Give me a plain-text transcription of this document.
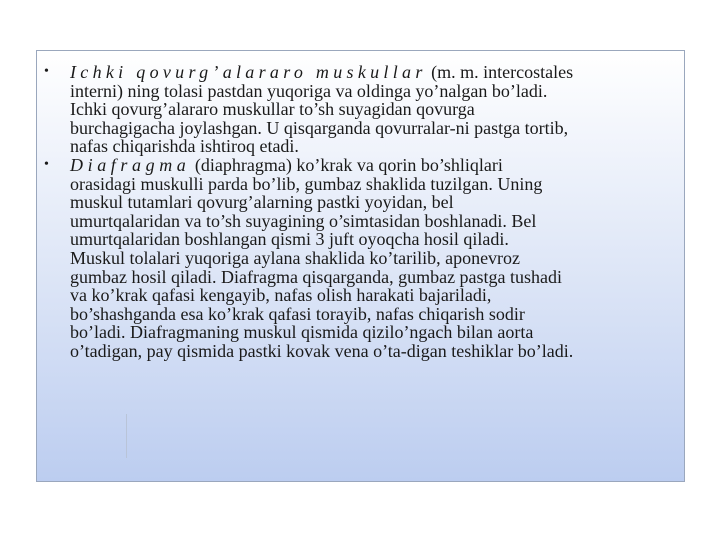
• Ichki qovurg’alararo muskullar (m. m. intercostales
interni) ning tolasi pastdan yuqoriga va oldinga yo’nalgan bo’ladi.
Ichki qovurg’alararo muskullar to’sh suyagidan qovurga
burchagigacha joylashgan. U qisqarganda qovurralar-ni pastga tortib,
nafas chiqarishda ishtiroq etadi.
• Diafragma (diaphragma) ko’krak va qorin bo’shliqlari
orasidagi muskulli parda bo’lib, gumbaz shaklida tuzilgan. Uning
muskul tutamlari qovurg’alarning pastki yoyidan, bel
umurtqalaridan va to’sh suyagining o’simtasidan boshlanadi. Bel
umurtqalaridan boshlangan qismi 3 juft oyoqcha hosil qiladi.
Muskul tolalari yuqoriga aylana shaklida ko’tarilib, aponevroz
gumbaz hosil qiladi. Diafragma qisqarganda, gumbaz pastga tushadi
va ko’krak qafasi kengayib, nafas olish harakati bajariladi,
bo’shashganda esa ko’krak qafasi torayib, nafas chiqarish sodir
bo’ladi. Diafragmaning muskul qismida qizilo’ngach bilan aorta
o’tadigan, pay qismida pastki kovak vena o’ta-digan teshiklar bo’ladi.
